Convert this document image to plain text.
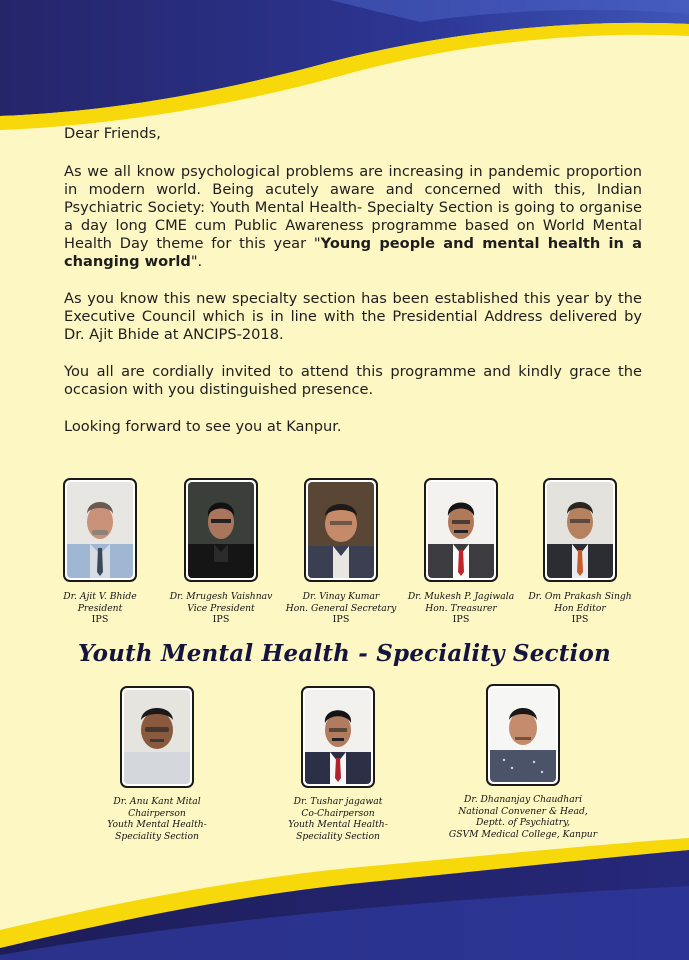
Dear Friends,

As we all know psychological problems are increasing in pandemic proportion in modern world. Being acutely aware and concerned with this, Indian Psychiatric Society: Youth Mental Health- Specialty Section is going to organise a day long CME cum Public Awareness programme based on World Mental Health Day theme for this year "Young people and mental health in a changing world".

As you know this new specialty section has been established this year by the Executive Council which is in line with the Presidential Address delivered by Dr. Ajit Bhide at ANCIPS-2018.

You all are cordially invited to attend this programme and kindly grace the occasion with you distinguished presence.

Looking forward to see you at Kanpur.

Dr. Ajit V. Bhide
President
IPS
Dr. Mrugesh Vaishnav
Vice President
IPS
Dr. Vinay Kumar
Hon. General Secretary
IPS
Dr. Mukesh P. Jagiwala
Hon. Treasurer
IPS
Dr. Om Prakash Singh
Hon Editor
IPS
Youth Mental Health - Speciality Section
Dr. Anu Kant Mital
Chairperson
Youth Mental Health-
Speciality Section
Dr. Tushar jagawat
Co-Chairperson
Youth Mental Health-
Speciality Section
Dr. Dhananjay Chaudhari
National Convener & Head,
Deptt. of Psychiatry,
GSVM Medical College, Kanpur
